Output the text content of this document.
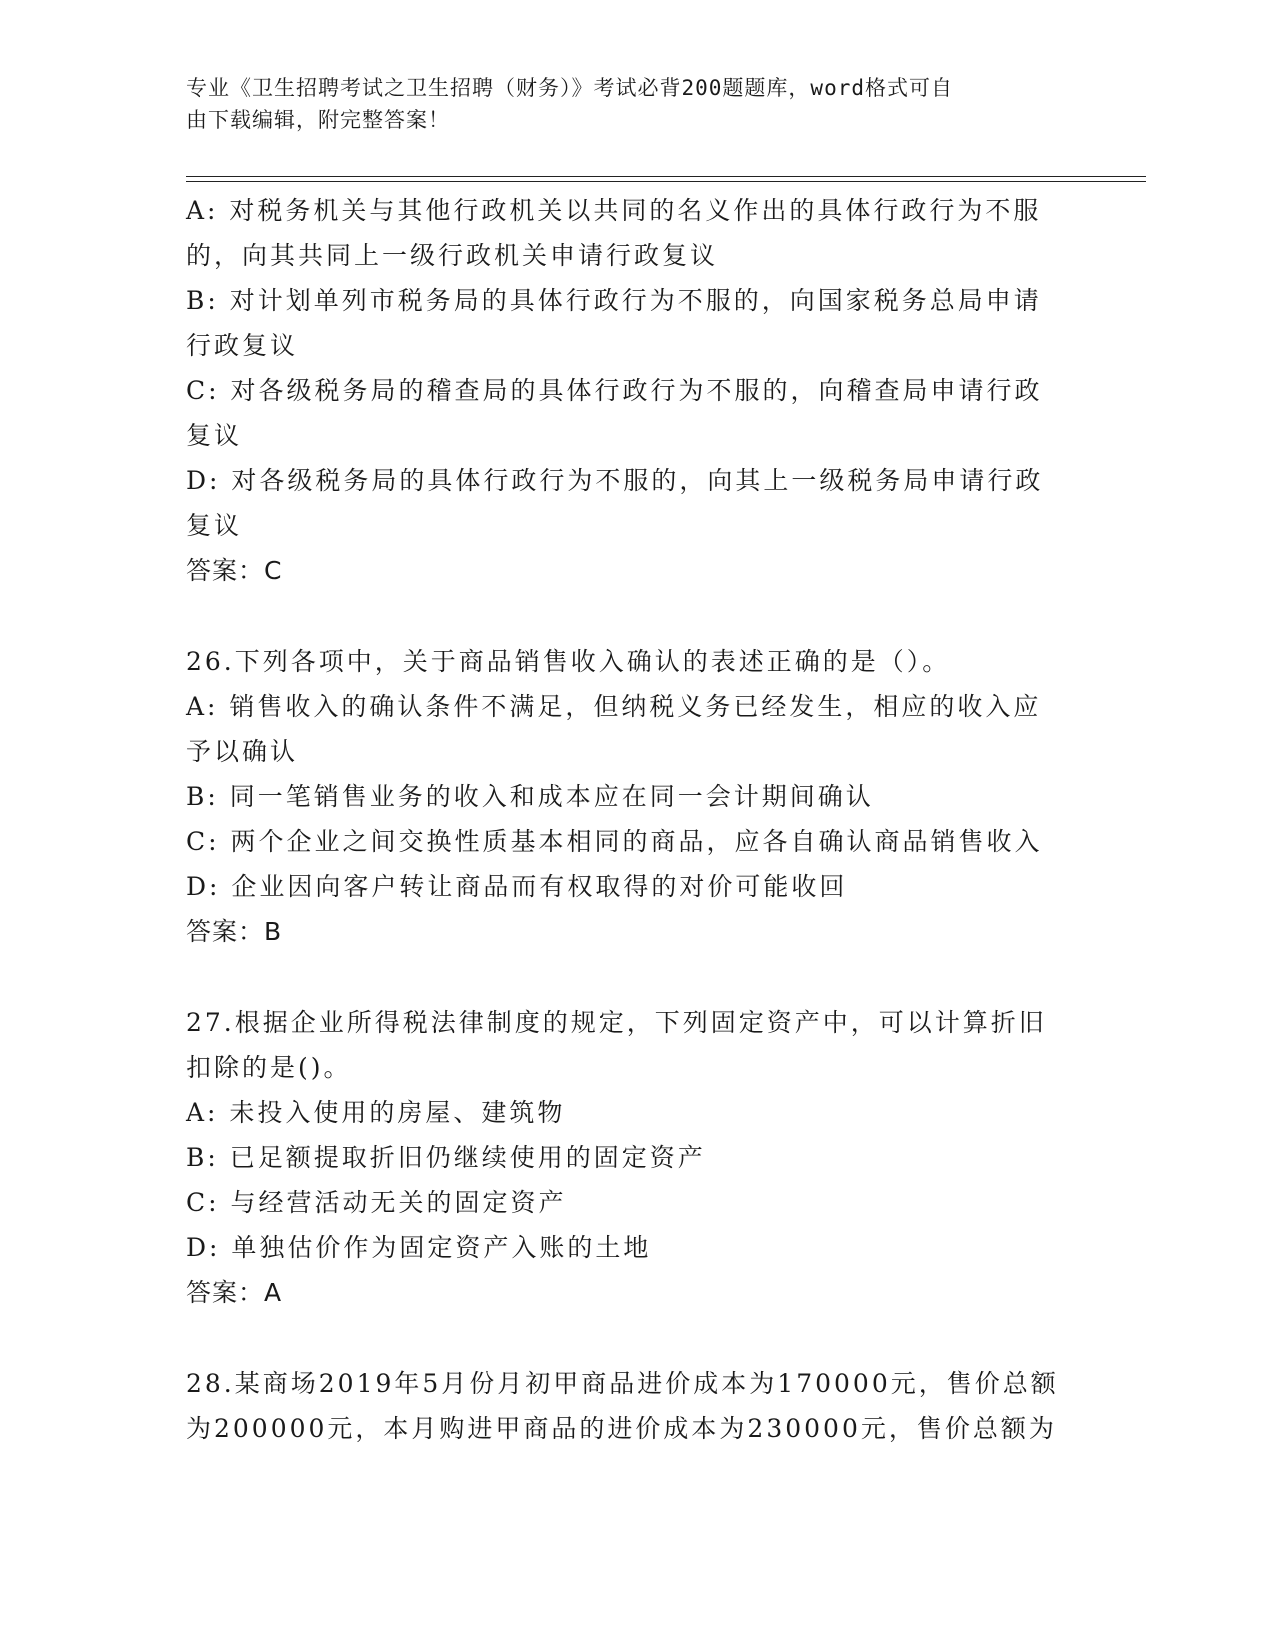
专业《卫生招聘考试之卫生招聘（财务）》考试必背200题题库，word格式可自
由下载编辑，附完整答案！
A: 对税务机关与其他行政机关以共同的名义作出的具体行政行为不服
的，向其共同上一级行政机关申请行政复议
B: 对计划单列市税务局的具体行政行为不服的，向国家税务总局申请
行政复议
C: 对各级税务局的稽查局的具体行政行为不服的，向稽查局申请行政
复议
D: 对各级税务局的具体行政行为不服的，向其上一级税务局申请行政
复议
答案：C
26.下列各项中，关于商品销售收入确认的表述正确的是（）。
A: 销售收入的确认条件不满足，但纳税义务已经发生，相应的收入应
予以确认
B: 同一笔销售业务的收入和成本应在同一会计期间确认
C: 两个企业之间交换性质基本相同的商品，应各自确认商品销售收入
D: 企业因向客户转让商品而有权取得的对价可能收回
答案：B
27.根据企业所得税法律制度的规定，下列固定资产中，可以计算折旧
扣除的是()。
A: 未投入使用的房屋、建筑物
B: 已足额提取折旧仍继续使用的固定资产
C: 与经营活动无关的固定资产
D: 单独估价作为固定资产入账的土地
答案：A
28.某商场2019年5月份月初甲商品进价成本为170000元，售价总额
为200000元，本月购进甲商品的进价成本为230000元，售价总额为
